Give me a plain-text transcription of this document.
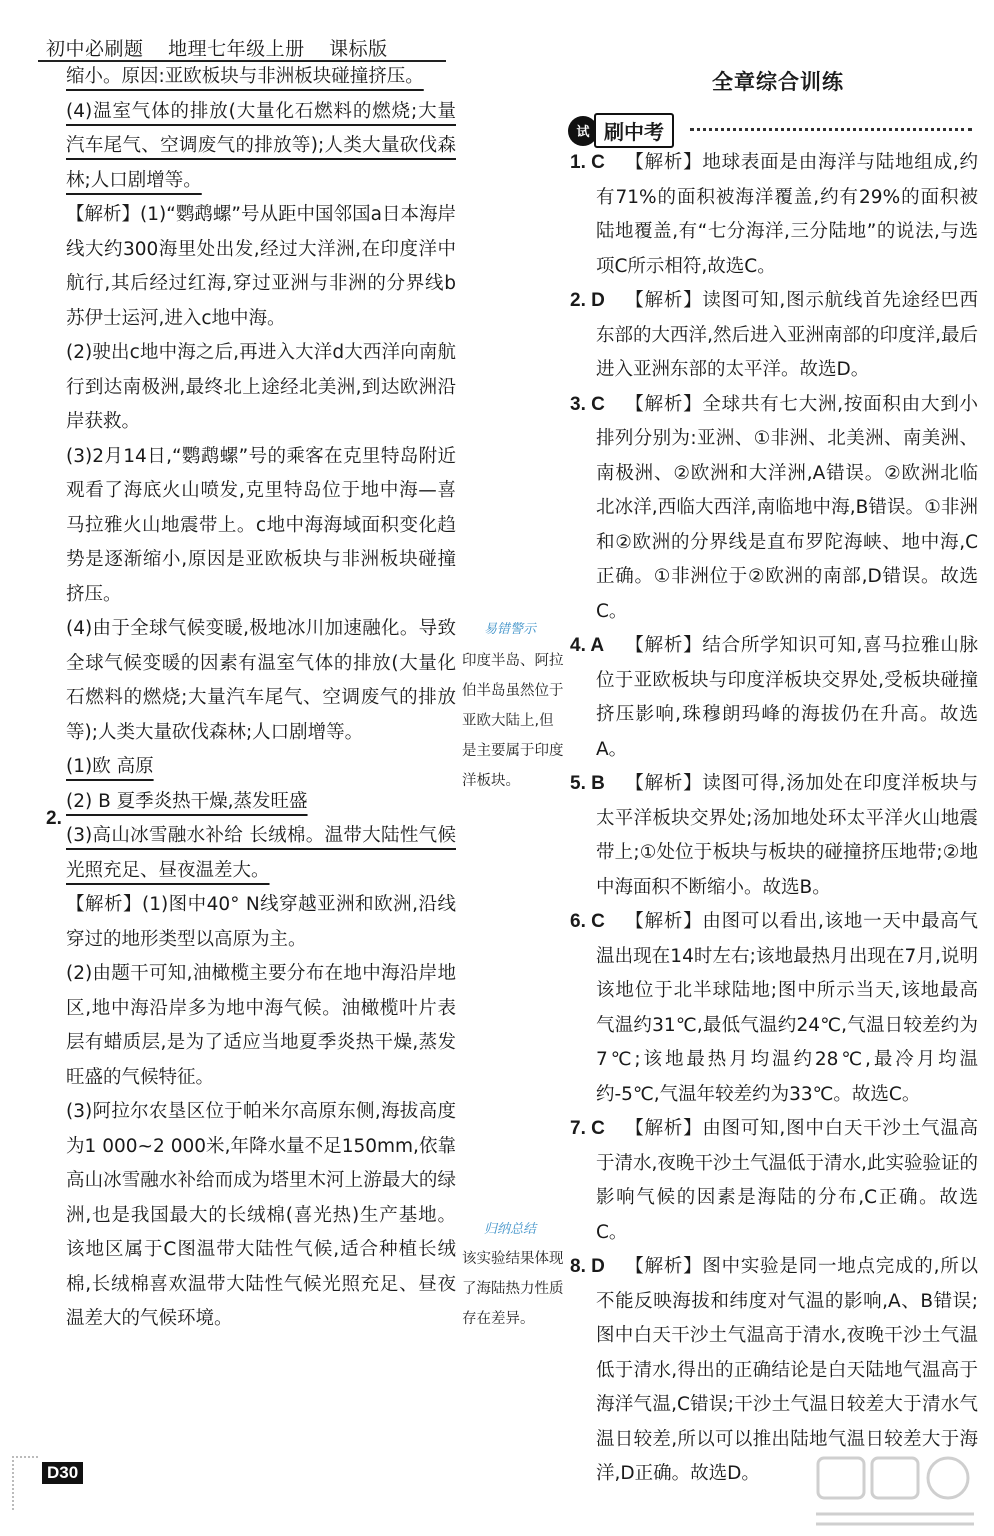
初中必刷题 地理七年级上册 课标版

缩小。原因:亚欧板块与非洲板块碰撞挤压。

(4)温室气体的排放(大量化石燃料的燃烧;大量汽车尾气、空调废气的排放等);人类大量砍伐森林;人口剧增等。

【解析】(1)“鹦鹉螺”号从距中国邻国a日本海岸线大约300海里处出发,经过大洋洲,在印度洋中航行,其后经过红海,穿过亚洲与非洲的分界线b苏伊士运河,进入c地中海。

(2)驶出c地中海之后,再进入大洋d大西洋向南航行到达南极洲,最终北上途经北美洲,到达欧洲沿岸获救。

(3)2月14日,“鹦鹉螺”号的乘客在克里特岛附近观看了海底火山喷发,克里特岛位于地中海—喜马拉雅火山地震带上。c地中海海域面积变化趋势是逐渐缩小,原因是亚欧板块与非洲板块碰撞挤压。

(4)由于全球气候变暖,极地冰川加速融化。导致全球气候变暖的因素有温室气体的排放(大量化石燃料的燃烧;大量汽车尾气、空调废气的排放等);人类大量砍伐森林;人口剧增等。

(1)欧 高原

(2) B 夏季炎热干燥,蒸发旺盛

(3)高山冰雪融水补给 长绒棉。温带大陆性气候光照充足、昼夜温差大。

【解析】(1)图中40° N线穿越亚洲和欧洲,沿线穿过的地形类型以高原为主。

(2)由题干可知,油橄榄主要分布在地中海沿岸地区,地中海沿岸多为地中海气候。油橄榄叶片表层有蜡质层,是为了适应当地夏季炎热干燥,蒸发旺盛的气候特征。

(3)阿拉尔农垦区位于帕米尔高原东侧,海拔高度为1 000~2 000米,年降水量不足150mm,依靠高山冰雪融水补给而成为塔里木河上游最大的绿洲,也是我国最大的长绒棉(喜光热)生产基地。该地区属于C图温带大陆性气候,适合种植长绒棉,长绒棉喜欢温带大陆性气候光照充足、昼夜温差大的气候环境。

2.
全章综合训练
试 刷中考

1. C
　　 【解析】地球表面是由海洋与陆地组成,约有71%的面积被海洋覆盖,约有29%的面积被陆地覆盖,有“七分海洋,三分陆地”的说法,与选项C所示相符,故选C。

2. D
　　 【解析】读图可知,图示航线首先途经巴西东部的大西洋,然后进入亚洲南部的印度洋,最后进入亚洲东部的太平洋。故选D。

3. C
　　 【解析】全球共有七大洲,按面积由大到小排列分别为:亚洲、①非洲、北美洲、南美洲、南极洲、②欧洲和大洋洲,A错误。②欧洲北临北冰洋,西临大西洋,南临地中海,B错误。①非洲和②欧洲的分界线是直布罗陀海峡、地中海,C正确。①非洲位于②欧洲的南部,D错误。故选C。

4. A
　　 【解析】结合所学知识可知,喜马拉雅山脉位于亚欧板块与印度洋板块交界处,受板块碰撞挤压影响,珠穆朗玛峰的海拔仍在升高。故选A。

5. B
　　 【解析】读图可得,汤加处在印度洋板块与太平洋板块交界处;汤加地处环太平洋火山地震带上;①处位于板块与板块的碰撞挤压地带;②地中海面积不断缩小。故选B。

6. C
　　 【解析】由图可以看出,该地一天中最高气温出现在14时左右;该地最热月出现在7月,说明该地位于北半球陆地;图中所示当天,该地最高气温约31℃,最低气温约24℃,气温日较差约为7℃;该地最热月均温约28℃,最冷月均温约-5℃,气温年较差约为33℃。故选C。

7. C
　　 【解析】由图可知,图中白天干沙土气温高于清水,夜晚干沙土气温低于清水,此实验验证的影响气候的因素是海陆的分布,C正确。故选C。

8. D
　　 【解析】图中实验是同一地点完成的,所以不能反映海拔和纬度对气温的影响,A、B错误;图中白天干沙土气温高于清水,夜晚干沙土气温低于清水,得出的正确结论是白天陆地气温高于海洋气温,C错误;干沙土气温日较差大于清水气温日较差,所以可以推出陆地气温日较差大于海洋,D正确。故选D。

易错警示
印度半岛、阿拉伯半岛虽然位于亚欧大陆上,但是主要属于印度洋板块。
归纳总结
该实验结果体现了海陆热力性质存在差异。
D30
